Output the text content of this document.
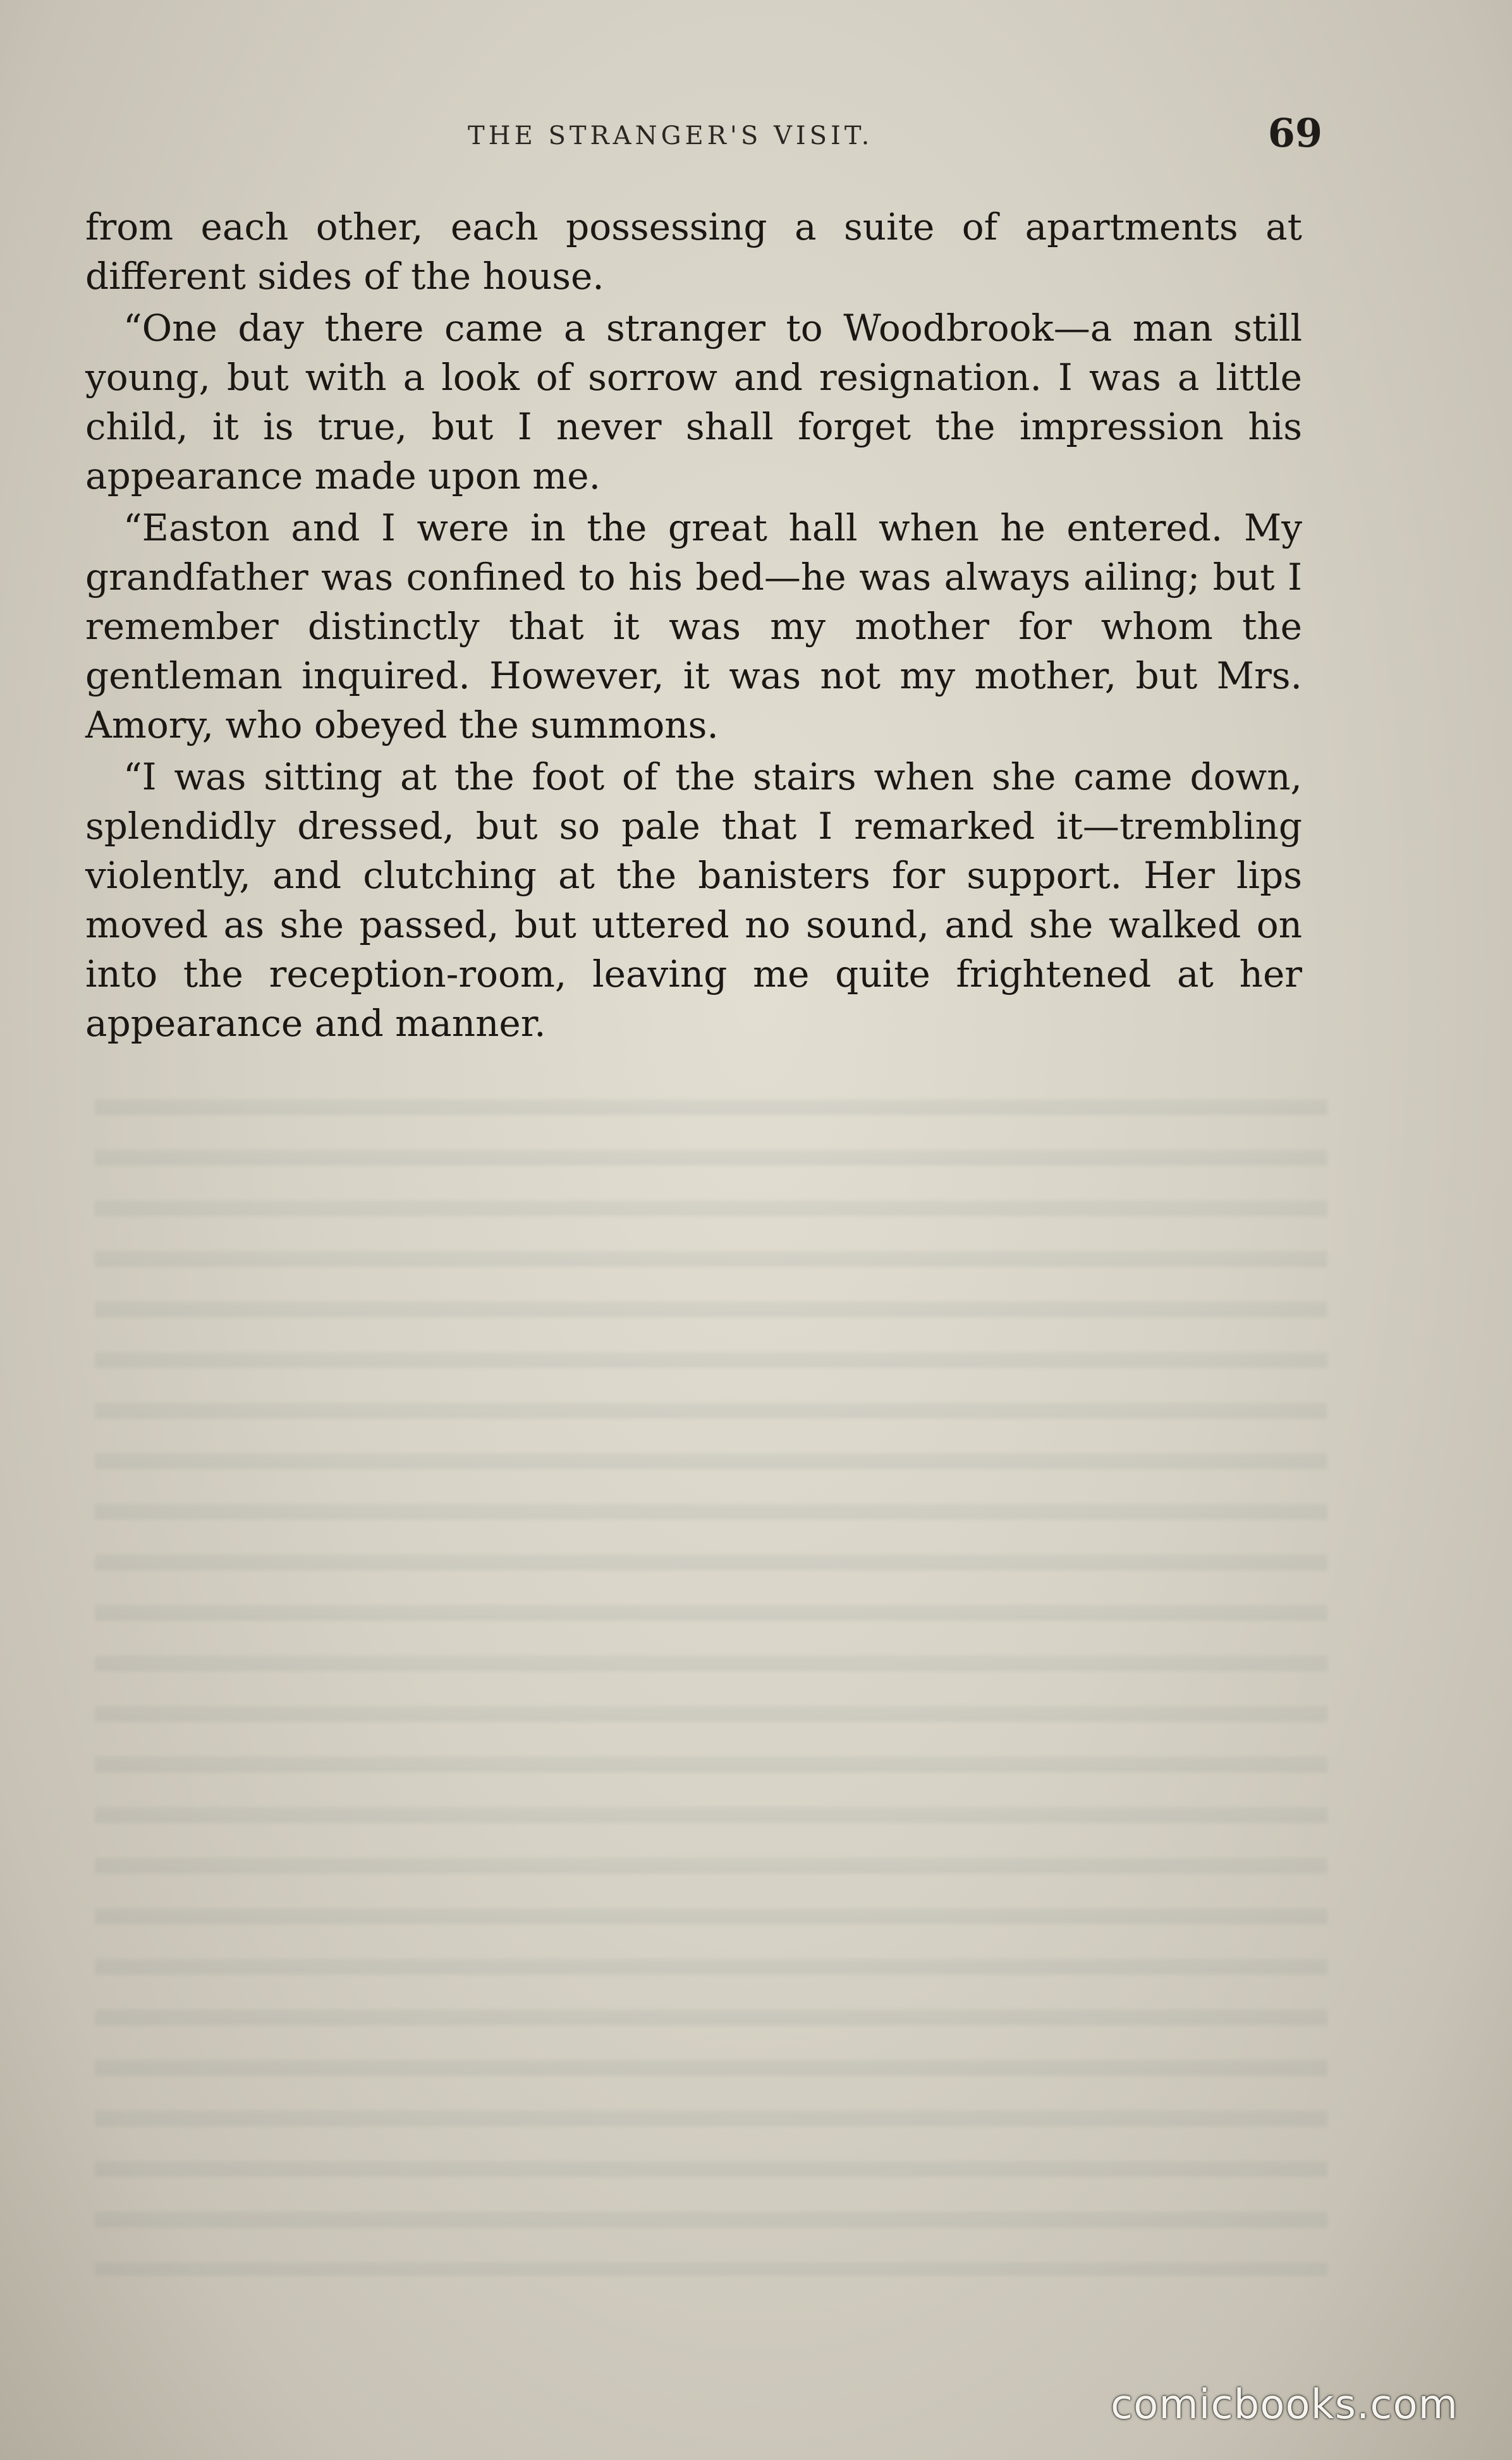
THE STRANGER'S VISIT.	69

from each other, each possessing a suite of apartments at different sides of the house.

“One day there came a stranger to Woodbrook—a man still young, but with a look of sorrow and resignation. I was a little child, it is true, but I never shall forget the impression his appearance made upon me.

“Easton and I were in the great hall when he entered. My grandfather was confined to his bed—he was always ailing; but I remember distinctly that it was my mother for whom the gentleman inquired. However, it was not my mother, but Mrs. Amory, who obeyed the summons.

“I was sitting at the foot of the stairs when she came down, splendidly dressed, but so pale that I remarked it—trembling violently, and clutching at the banisters for support. Her lips moved as she passed, but uttered no sound, and she walked on into the reception-room, leaving me quite frightened at her appearance and manner.

comicbooks.com
